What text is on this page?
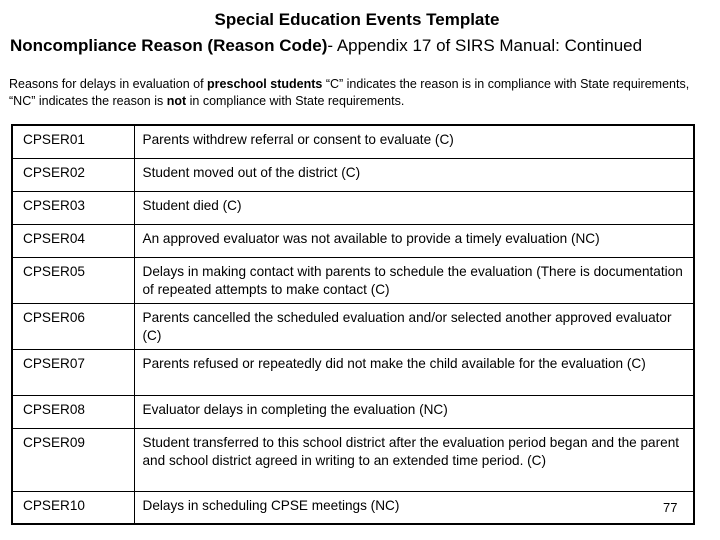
Special Education Events Template
Noncompliance Reason (Reason Code)- Appendix 17 of SIRS Manual: Continued
Reasons for delays in evaluation of preschool students “C” indicates the reason is in compliance with State requirements, “NC” indicates the reason is not in compliance with State requirements.
CPSER01	Parents withdrew referral or consent to evaluate (C)
CPSER02	Student moved out of the district (C)
CPSER03	Student died (C)
CPSER04	An approved evaluator was not available to provide a timely evaluation (NC)
CPSER05	Delays in making contact with parents to schedule the evaluation (There is documentation of repeated attempts to make contact (C)
CPSER06	Parents cancelled the scheduled evaluation and/or selected another approved evaluator (C)
CPSER07	Parents refused or repeatedly did not make the child available for the evaluation (C)
CPSER08	Evaluator delays in completing the evaluation (NC)
CPSER09	Student transferred to this school district after the evaluation period began and the parent and school district agreed in writing to an extended time period. (C)
CPSER10	Delays in scheduling CPSE meetings (NC)	77
